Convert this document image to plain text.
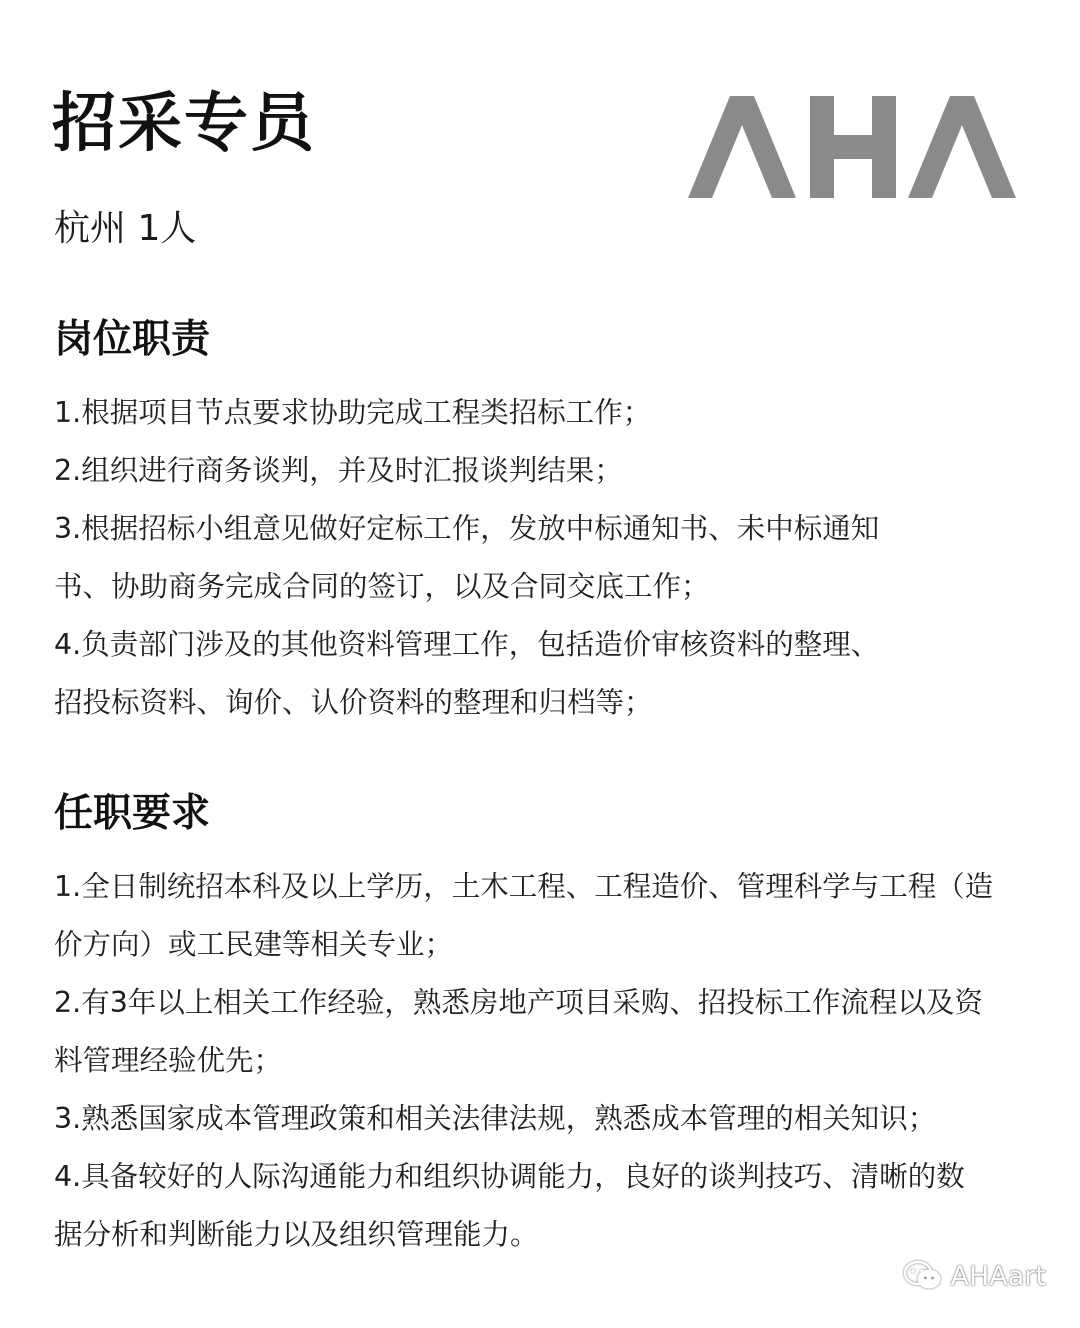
招采专员
杭州 1人
岗位职责
1.根据项目节点要求协助完成工程类招标工作；
2.组织进行商务谈判，并及时汇报谈判结果；
3.根据招标小组意见做好定标工作，发放中标通知书、未中标通知
书、协助商务完成合同的签订，以及合同交底工作；
4.负责部门涉及的其他资料管理工作，包括造价审核资料的整理、
招投标资料、询价、认价资料的整理和归档等；
任职要求
1.全日制统招本科及以上学历，土木工程、工程造价、管理科学与工程（造
价方向）或工民建等相关专业；
2.有3年以上相关工作经验，熟悉房地产项目采购、招投标工作流程以及资
料管理经验优先；
3.熟悉国家成本管理政策和相关法律法规，熟悉成本管理的相关知识；
4.具备较好的人际沟通能力和组织协调能力，良好的谈判技巧、清晰的数
据分析和判断能力以及组织管理能力。
AHAart
